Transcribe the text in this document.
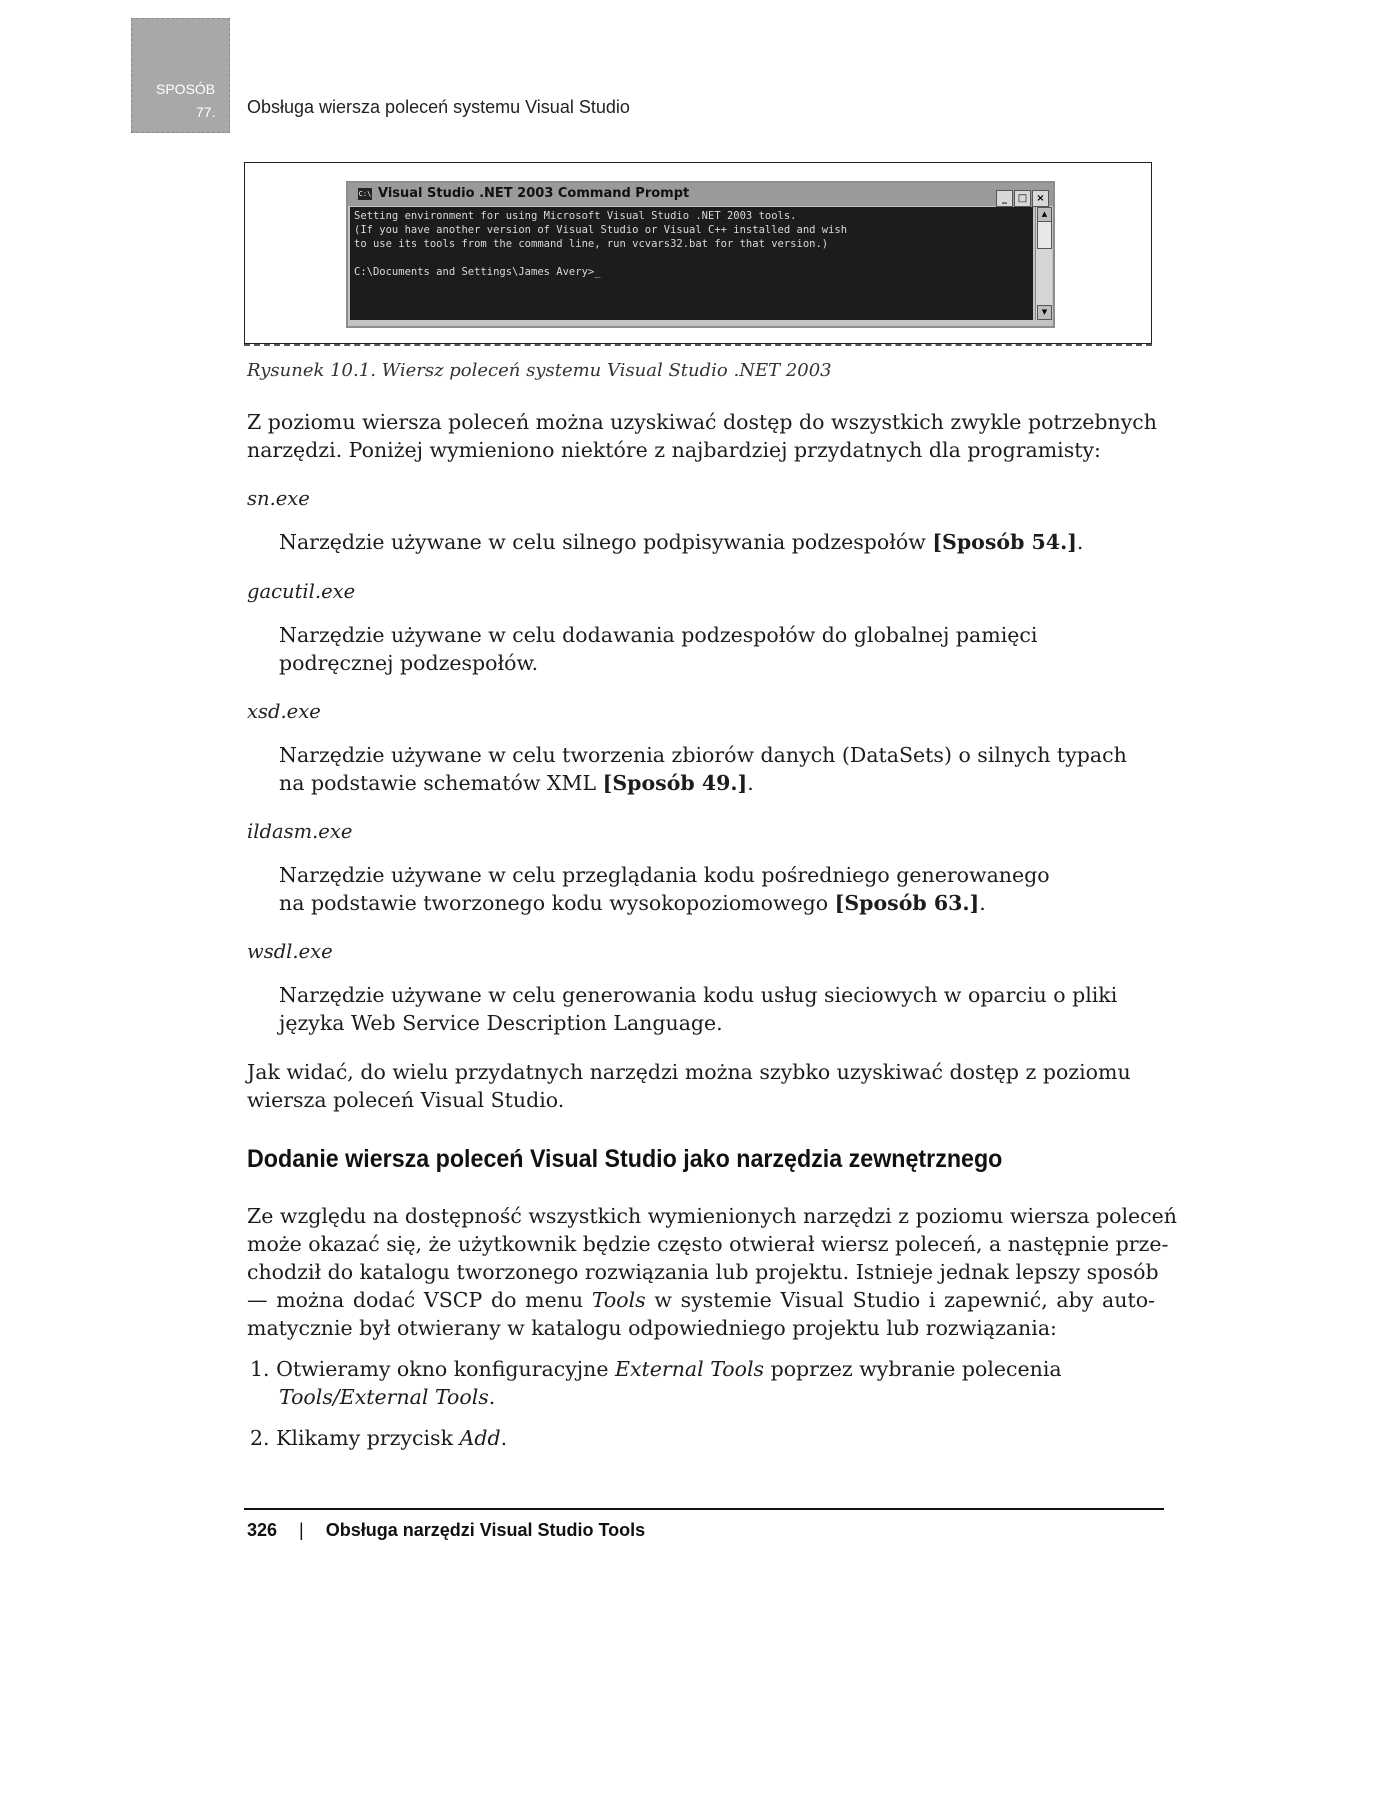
SPOSÓB
77. Obsługa wiersza poleceń systemu Visual Studio
C:\ Visual Studio .NET 2003 Command Prompt	_ □ ×
Setting environment for using Microsoft Visual Studio .NET 2003 tools.
(If you have another version of Visual Studio or Visual C++ installed and wish
to use its tools from the command line, run vcvars32.bat for that version.)
C:\Documents and Settings\James Avery>_
▲
▼
Rysunek 10.1. Wiersz poleceń systemu Visual Studio .NET 2003
Z poziomu wiersza poleceń można uzyskiwać dostęp do wszystkich zwykle potrzebnych
narzędzi. Poniżej wymieniono niektóre z najbardziej przydatnych dla programisty:
sn.exe
Narzędzie używane w celu silnego podpisywania podzespołów [Sposób 54.].
gacutil.exe
Narzędzie używane w celu dodawania podzespołów do globalnej pamięci
podręcznej podzespołów.
xsd.exe
Narzędzie używane w celu tworzenia zbiorów danych (DataSets) o silnych typach
na podstawie schematów XML [Sposób 49.].
ildasm.exe
Narzędzie używane w celu przeglądania kodu pośredniego generowanego
na podstawie tworzonego kodu wysokopoziomowego [Sposób 63.].
wsdl.exe
Narzędzie używane w celu generowania kodu usług sieciowych w oparciu o pliki
języka Web Service Description Language.
Jak widać, do wielu przydatnych narzędzi można szybko uzyskiwać dostęp z poziomu
wiersza poleceń Visual Studio.
Dodanie wiersza poleceń Visual Studio jako narzędzia zewnętrznego
Ze względu na dostępność wszystkich wymienionych narzędzi z poziomu wiersza poleceń
może okazać się, że użytkownik będzie często otwierał wiersz poleceń, a następnie prze-
chodził do katalogu tworzonego rozwiązania lub projektu. Istnieje jednak lepszy sposób
— można dodać VSCP do menu Tools w systemie Visual Studio i zapewnić, aby auto-
matycznie był otwierany w katalogu odpowiedniego projektu lub rozwiązania:
1. Otwieramy okno konfiguracyjne External Tools poprzez wybranie polecenia
Tools/External Tools.
2. Klikamy przycisk Add.
326 | Obsługa narzędzi Visual Studio Tools
